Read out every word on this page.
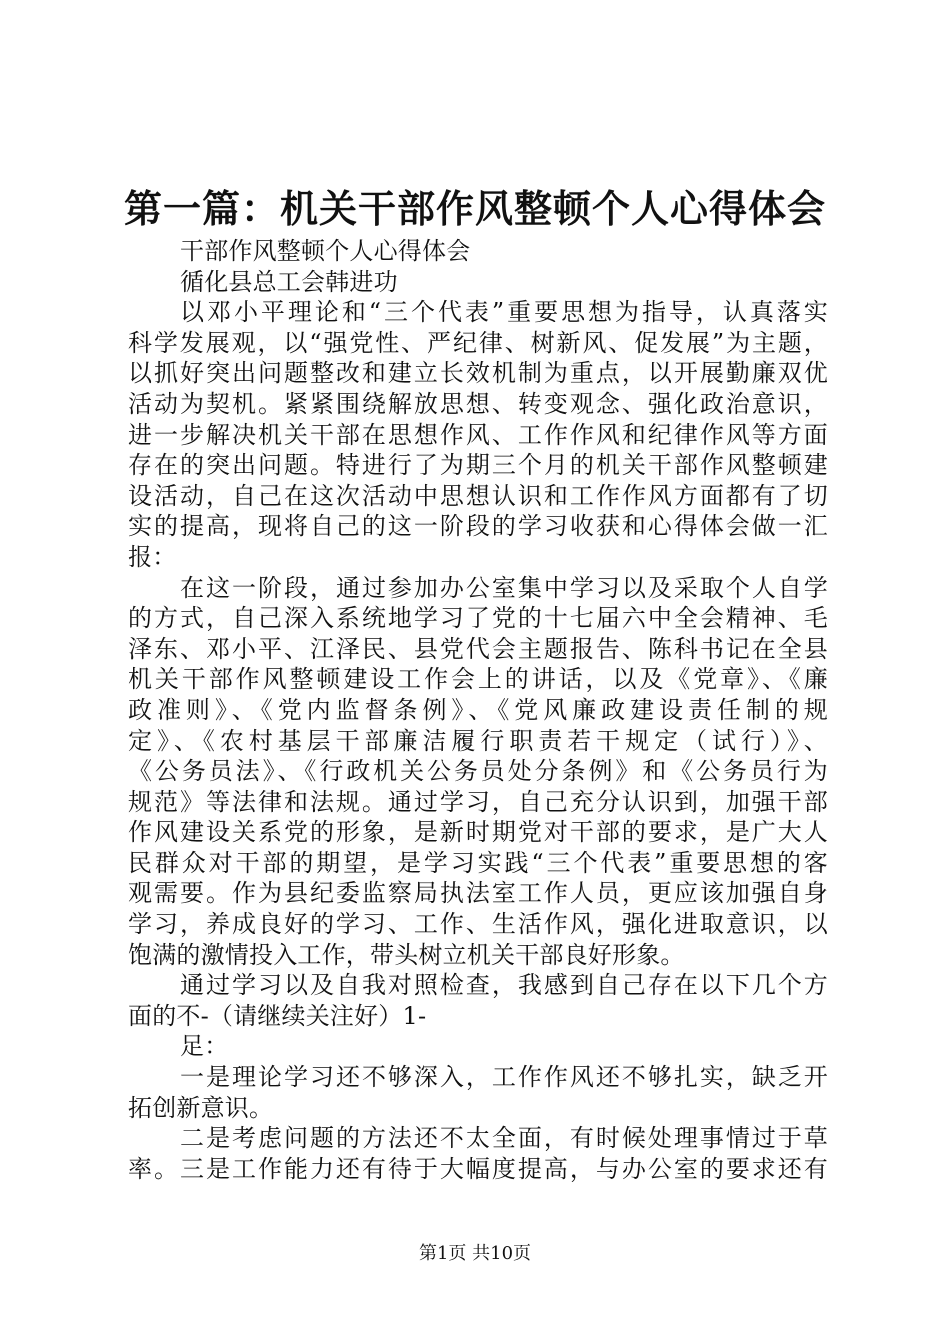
第一篇：机关干部作风整顿个人心得体会

干部作风整顿个人心得体会

循化县总工会韩进功

以邓小平理论和“三个代表”重要思想为指导，认真落实

科学发展观，以“强党性、严纪律、树新风、促发展”为主题，

以抓好突出问题整改和建立长效机制为重点，以开展勤廉双优

活动为契机。紧紧围绕解放思想、转变观念、强化政治意识，

进一步解决机关干部在思想作风、工作作风和纪律作风等方面

存在的突出问题。特进行了为期三个月的机关干部作风整顿建

设活动，自己在这次活动中思想认识和工作作风方面都有了切

实的提高，现将自己的这一阶段的学习收获和心得体会做一汇

报：

在这一阶段，通过参加办公室集中学习以及采取个人自学

的方式，自己深入系统地学习了党的十七届六中全会精神、毛

泽东、邓小平、江泽民、县党代会主题报告、陈科书记在全县

机关干部作风整顿建设工作会上的讲话，以及《党章》、《廉

政准则》、《党内监督条例》、《党风廉政建设责任制的规

定》、《农村基层干部廉洁履行职责若干规定（试行）》、

《公务员法》、《行政机关公务员处分条例》和《公务员行为

规范》等法律和法规。通过学习，自己充分认识到，加强干部

作风建设关系党的形象，是新时期党对干部的要求，是广大人

民群众对干部的期望，是学习实践“三个代表”重要思想的客

观需要。作为县纪委监察局执法室工作人员，更应该加强自身

学习，养成良好的学习、工作、生活作风，强化进取意识，以

饱满的激情投入工作，带头树立机关干部良好形象。

通过学习以及自我对照检查，我感到自己存在以下几个方

面的不-（请继续关注好）1-

足：

一是理论学习还不够深入，工作作风还不够扎实，缺乏开

拓创新意识。

二是考虑问题的方法还不太全面，有时候处理事情过于草

率。三是工作能力还有待于大幅度提高，与办公室的要求还有

第1页 共10页
